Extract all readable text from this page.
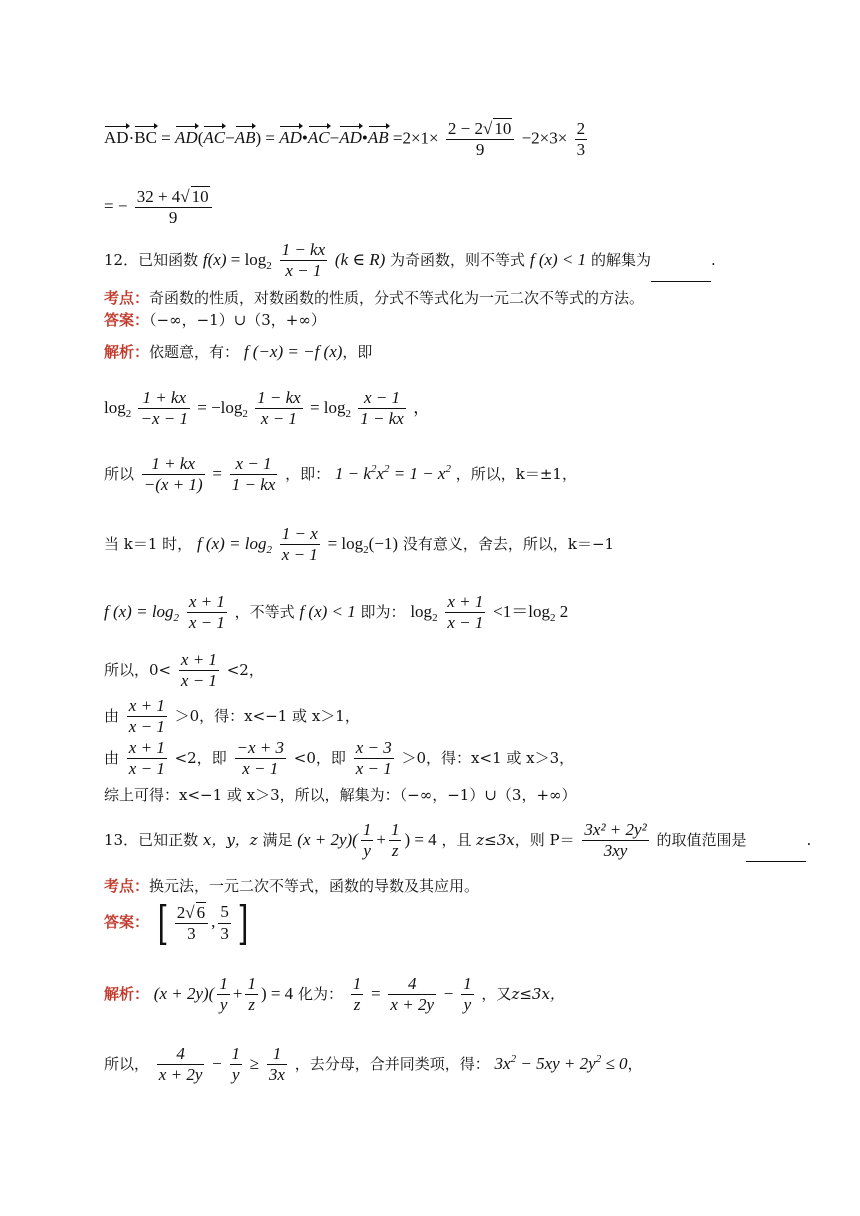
AD·BC = AD(AC−AB) = AD•AC−AD•AB $=2\times 1\times \frac{2 - 2√ 10}{9} -2\times 3\times \frac{2}{3}$
= − $\frac{32 + 4√ 10}{9}$
12．已知函数 $f(x) = \log_2 \frac{1 - kx}{x - 1} (k$ ∈ R) 为奇函数，则不等式 f (x) < 1 的解集为	.
考点：奇函数的性质，对数函数的性质，分式不等式化为一元二次不等式的方法。
答案：（−∞，−1）∪（3，+∞）
解析：依题意，有： f (−x) = −f (x)，即
$\log_2 \frac{1 + kx}{-x - 1} = -\log_2 \frac{1 - kx}{x - 1} = \log_2 \frac{x - 1}{1 - kx}$ ，
所以 $\frac{1 + kx}{-(x + 1)} = \frac{x - 1}{1 - kx}$ ，即： $1 - k^2x^2 = 1 - x^2$ ，所以，k＝±1，
当 k＝1 时， f $(x) = \log_2 \frac{1 - x}{x - 1} = \log_2(-1)$ 没有意义，舍去，所以，k＝−1
f $(x) = \log_2 \frac{x + 1}{x - 1}$ ，不等式 f (x) < 1 即为： $\log_2 \frac{x + 1}{x - 1} <1=\log_2$ 2
所以，$0< \frac{x + 1}{x - 1} <2$，
由 $\frac{x + 1}{x - 1} >0$，得：x<−1 或 x＞1，
由 $\frac{x + 1}{x - 1} <2$，即 $\frac{-x + 3}{x - 1} <0$，即 $\frac{x - 3}{x - 1} >0$，得：x<1 或 x＞3，
综上可得：x<−1 或 x＞3，所以，解集为：（−∞，−1）∪（3，+∞）
13．已知正数 x，y，z 满足 $(x + 2y)( \frac{1}{y} + \frac{1}{z}$ ) = 4 ，且 z≤3x，则 $P= \frac{\text{3x² + 2y²}}{3xy}$ 的取值范围是	.
考点：换元法，一元二次不等式，函数的导数及其应用。
答案： [ $\frac{2√ 6}{3}$ , $\frac{5}{3}$ ]
解析： $(x + 2y)( \frac{1}{y} + \frac{1}{z}$ ) = 4 化为： $\frac{1}{z} = \frac{4}{x + 2y} - \frac{1}{y}$ ，又z≤3x，
所以， $\frac{4}{x + 2y} - \frac{1}{y} \ge \frac{1}{3x}$ ，去分母，合并同类项，得： $3x^2 - 5xy + 2y^2 \le 0$，
